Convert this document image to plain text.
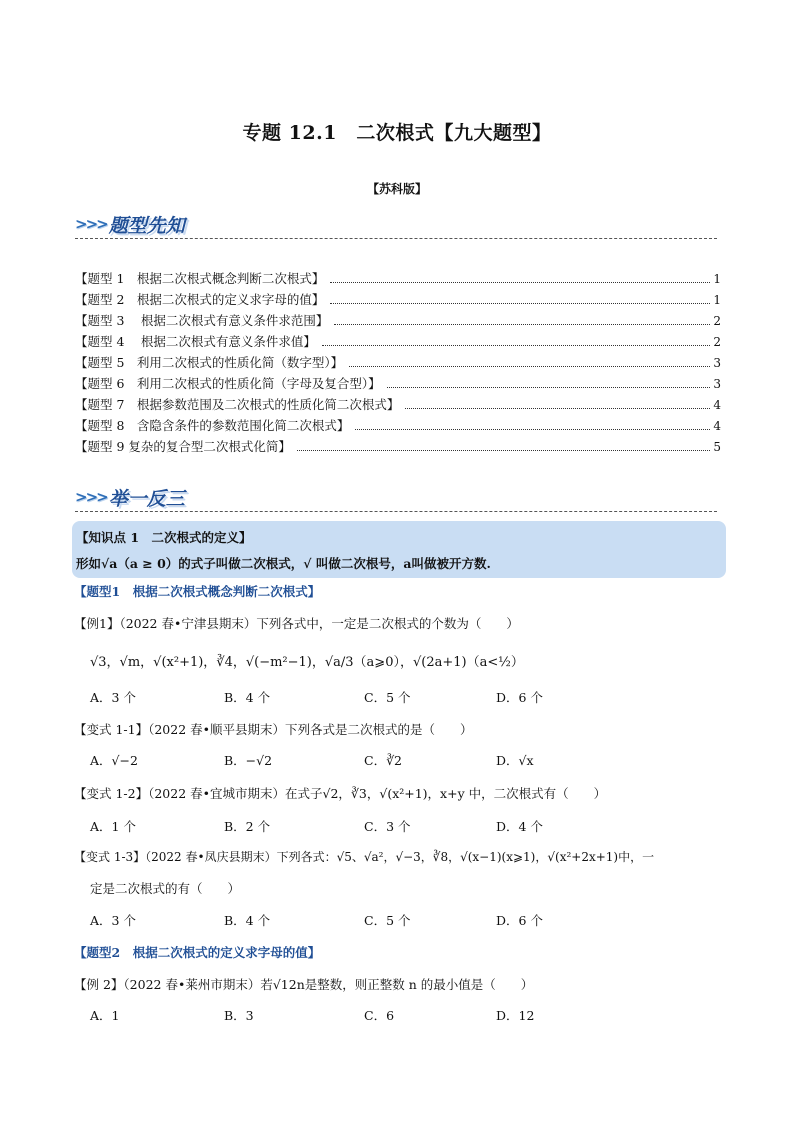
专题 12.1　二次根式【九大题型】
【苏科版】
>>> 题型先知
【题型 1　根据二次根式概念判断二次根式】	1
【题型 2　根据二次根式的定义求字母的值】	1
【题型 3　 根据二次根式有意义条件求范围】	2
【题型 4　 根据二次根式有意义条件求值】	2
【题型 5　利用二次根式的性质化简（数字型）】	3
【题型 6　利用二次根式的性质化简（字母及复合型）】	3
【题型 7　根据参数范围及二次根式的性质化简二次根式】	4
【题型 8　含隐含条件的参数范围化简二次根式】	4
【题型 9 复杂的复合型二次根式化简】	5
>>> 举一反三
【知识点 1　二次根式的定义】
形如√a（a ≥ 0）的式子叫做二次根式，√ 叫做二次根号，a叫做被开方数.
【题型1　根据二次根式概念判断二次根式】
【例1】（2022 春•宁津县期末）下列各式中，一定是二次根式的个数为（　　）
√3，√m，√(x²+1)，∛4，√(−m²−1)，√a/3（a⩾0），√(2a+1)（a<½）
A．3 个	B．4 个	C．5 个	D．6 个
【变式 1-1】（2022 春•顺平县期末）下列各式是二次根式的是（　　）
A．√−2	B．−√2	C．∛2	D．√x
【变式 1-2】（2022 春•宜城市期末）在式子√2，∛3，√(x²+1)，x+y 中，二次根式有（　　）
A．1 个	B．2 个	C．3 个	D．4 个
【变式 1-3】（2022 春•凤庆县期末）下列各式：√5、√a²，√−3，∛8，√(x−1)(x⩾1)，√(x²+2x+1)中，一
定是二次根式的有（　　）
A．3 个	B．4 个	C．5 个	D．6 个
【题型2　根据二次根式的定义求字母的值】
【例 2】（2022 春•莱州市期末）若√12n是整数，则正整数 n 的最小值是（　　）
A．1	B．3	C．6	D．12
